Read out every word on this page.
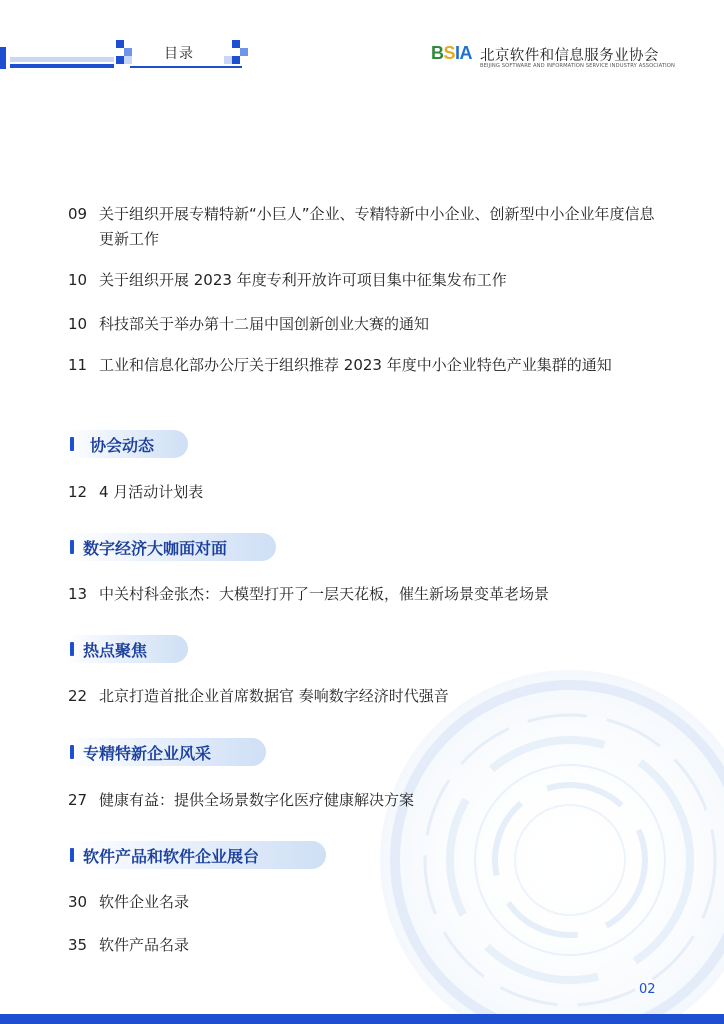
目录	BSIA 北京软件和信息服务业协会
BEIJING SOFTWARE AND INFORMATION SERVICE INDUSTRY ASSOCIATION
09 关于组织开展专精特新“小巨人”企业、专精特新中小企业、创新型中小企业年度信息更新工作
10 关于组织开展 2023 年度专利开放许可项目集中征集发布工作
10 科技部关于举办第十二届中国创新创业大赛的通知
11 工业和信息化部办公厅关于组织推荐 2023 年度中小企业特色产业集群的通知
协会动态
12 4 月活动计划表
数字经济大咖面对面
13 中关村科金张杰：大模型打开了一层天花板，催生新场景变革老场景
热点聚焦
22 北京打造首批企业首席数据官 奏响数字经济时代强音
专精特新企业风采
27 健康有益：提供全场景数字化医疗健康解决方案
软件产品和软件企业展台
30 软件企业名录
35 软件产品名录
02
